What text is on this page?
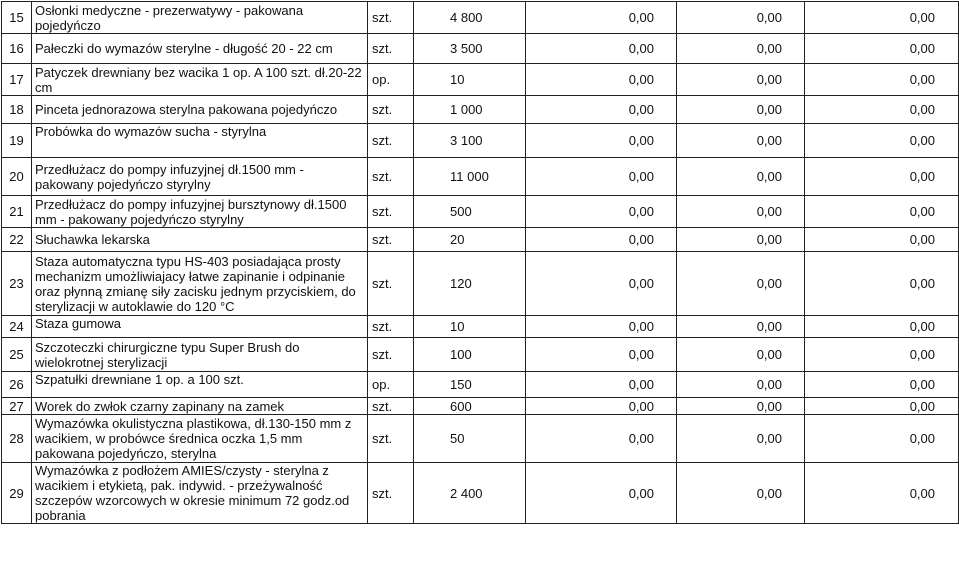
15	Osłonki medyczne - prezerwatywy - pakowana pojedyńczo	szt.	4 800	0,00	0,00	0,00
16	Pałeczki do wymazów sterylne - długość 20 - 22 cm	szt.	3 500	0,00	0,00	0,00
17	Patyczek drewniany bez wacika 1 op. A 100 szt. dł.20-22 cm	op.	10	0,00	0,00	0,00
18	Pinceta jednorazowa sterylna pakowana pojedyńczo	szt.	1 000	0,00	0,00	0,00
19	Probówka do wymazów sucha - styrylna	szt.	3 100	0,00	0,00	0,00
20	Przedłużacz do pompy infuzyjnej dł.1500 mm - pakowany pojedyńczo styrylny	szt.	11 000	0,00	0,00	0,00
21	Przedłużacz do pompy infuzyjnej bursztynowy dł.1500 mm - pakowany pojedyńczo styrylny	szt.	500	0,00	0,00	0,00
22	Słuchawka lekarska	szt.	20	0,00	0,00	0,00
23	Staza automatyczna typu HS-403 posiadająca prosty mechanizm umożliwiajacy łatwe zapinanie i odpinanie oraz płynną zmianę siły zacisku jednym przyciskiem, do sterylizacji w autoklawie do 120 °C	szt.	120	0,00	0,00	0,00
24	Staza gumowa	szt.	10	0,00	0,00	0,00
25	Szczoteczki chirurgiczne typu Super Brush do wielokrotnej sterylizacji	szt.	100	0,00	0,00	0,00
26	Szpatułki drewniane 1 op. a 100 szt.	op.	150	0,00	0,00	0,00
27	Worek do zwłok czarny zapinany na zamek	szt.	600	0,00	0,00	0,00
28	Wymazówka okulistyczna plastikowa, dł.130-150 mm z wacikiem, w probówce średnica oczka 1,5 mm pakowana pojedyńczo, sterylna	szt.	50	0,00	0,00	0,00
29	Wymazówka z podłożem AMIES/czysty - sterylna z wacikiem i etykietą, pak. indywid. - przeżywalność szczepów wzorcowych w okresie minimum 72 godz.od pobrania	szt.	2 400	0,00	0,00	0,00
